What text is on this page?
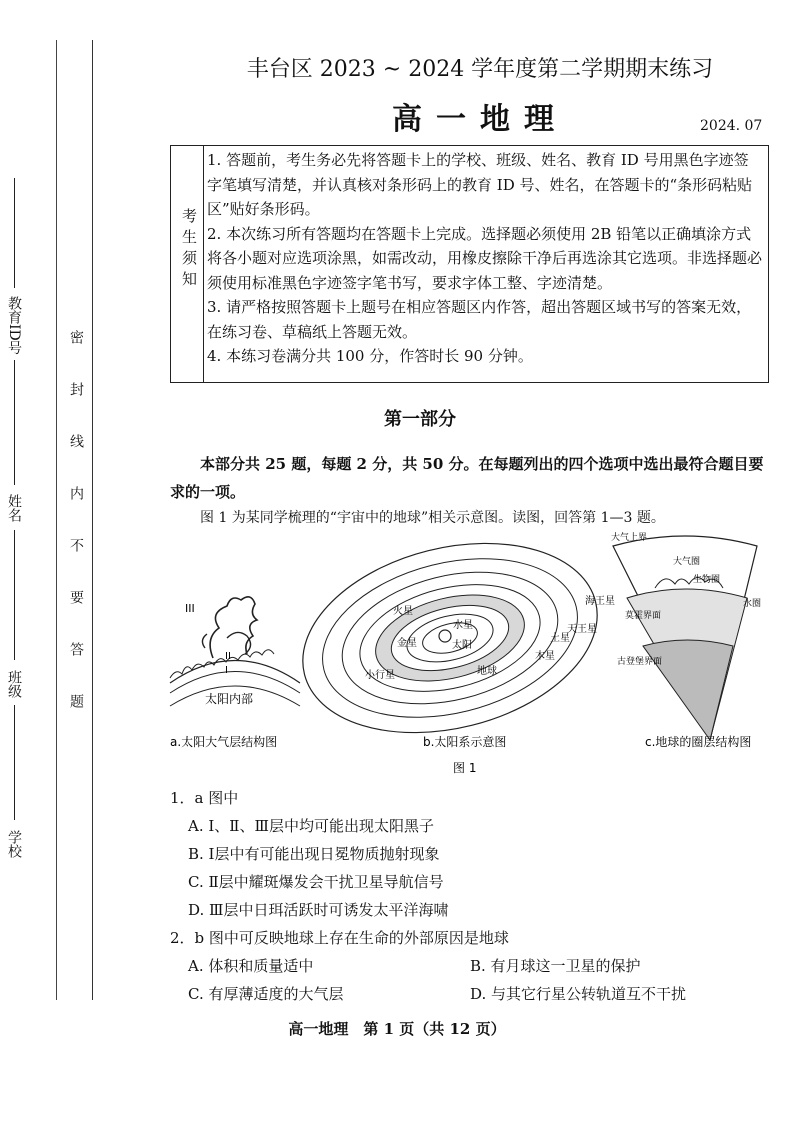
学校
班级
姓名
教育ID号
密封线内不要答题
丰台区 2023 ~ 2024 学年度第二学期期末练习
高一地理	2024. 07
考生须知

1. 答题前，考生务必先将答题卡上的学校、班级、姓名、教育 ID 号用黑色字迹签字笔填写清楚，并认真核对条形码上的教育 ID 号、姓名，在答题卡的“条形码粘贴区”贴好条形码。

2. 本次练习所有答题均在答题卡上完成。选择题必须使用 2B 铅笔以正确填涂方式将各小题对应选项涂黑，如需改动，用橡皮擦除干净后再选涂其它选项。非选择题必须使用标准黑色字迹签字笔书写，要求字体工整、字迹清楚。

3. 请严格按照答题卡上题号在相应答题区内作答，超出答题区域书写的答案无效，在练习卷、草稿纸上答题无效。

4. 本练习卷满分共 100 分，作答时长 90 分钟。

第一部分
本部分共 25 题，每题 2 分，共 50 分。在每题列出的四个选项中选出最符合题目要求的一项。
图 1 为某同学梳理的“宇宙中的地球”相关示意图。读图，回答第 1—3 题。
III
II
I
太阳内部
a.太阳大气层结构图
太阳
水星
金星
地球
火星
木星
土星
天王星
海王星
小行星
b.太阳系示意图
大气上界
大气圈
生物圈
水圈
莫霍界面
古登堡界面
c.地球的圈层结构图
图 1
1．a 图中
A. Ⅰ、Ⅱ、Ⅲ层中均可能出现太阳黑子
B. Ⅰ层中有可能出现日冕物质抛射现象
C. Ⅱ层中耀斑爆发会干扰卫星导航信号
D. Ⅲ层中日珥活跃时可诱发太平洋海啸
2．b 图中可反映地球上存在生命的外部原因是地球
A. 体积和质量适中	B. 有月球这一卫星的保护
C. 有厚薄适度的大气层	D. 与其它行星公转轨道互不干扰
高一地理　第 1 页（共 12 页）
